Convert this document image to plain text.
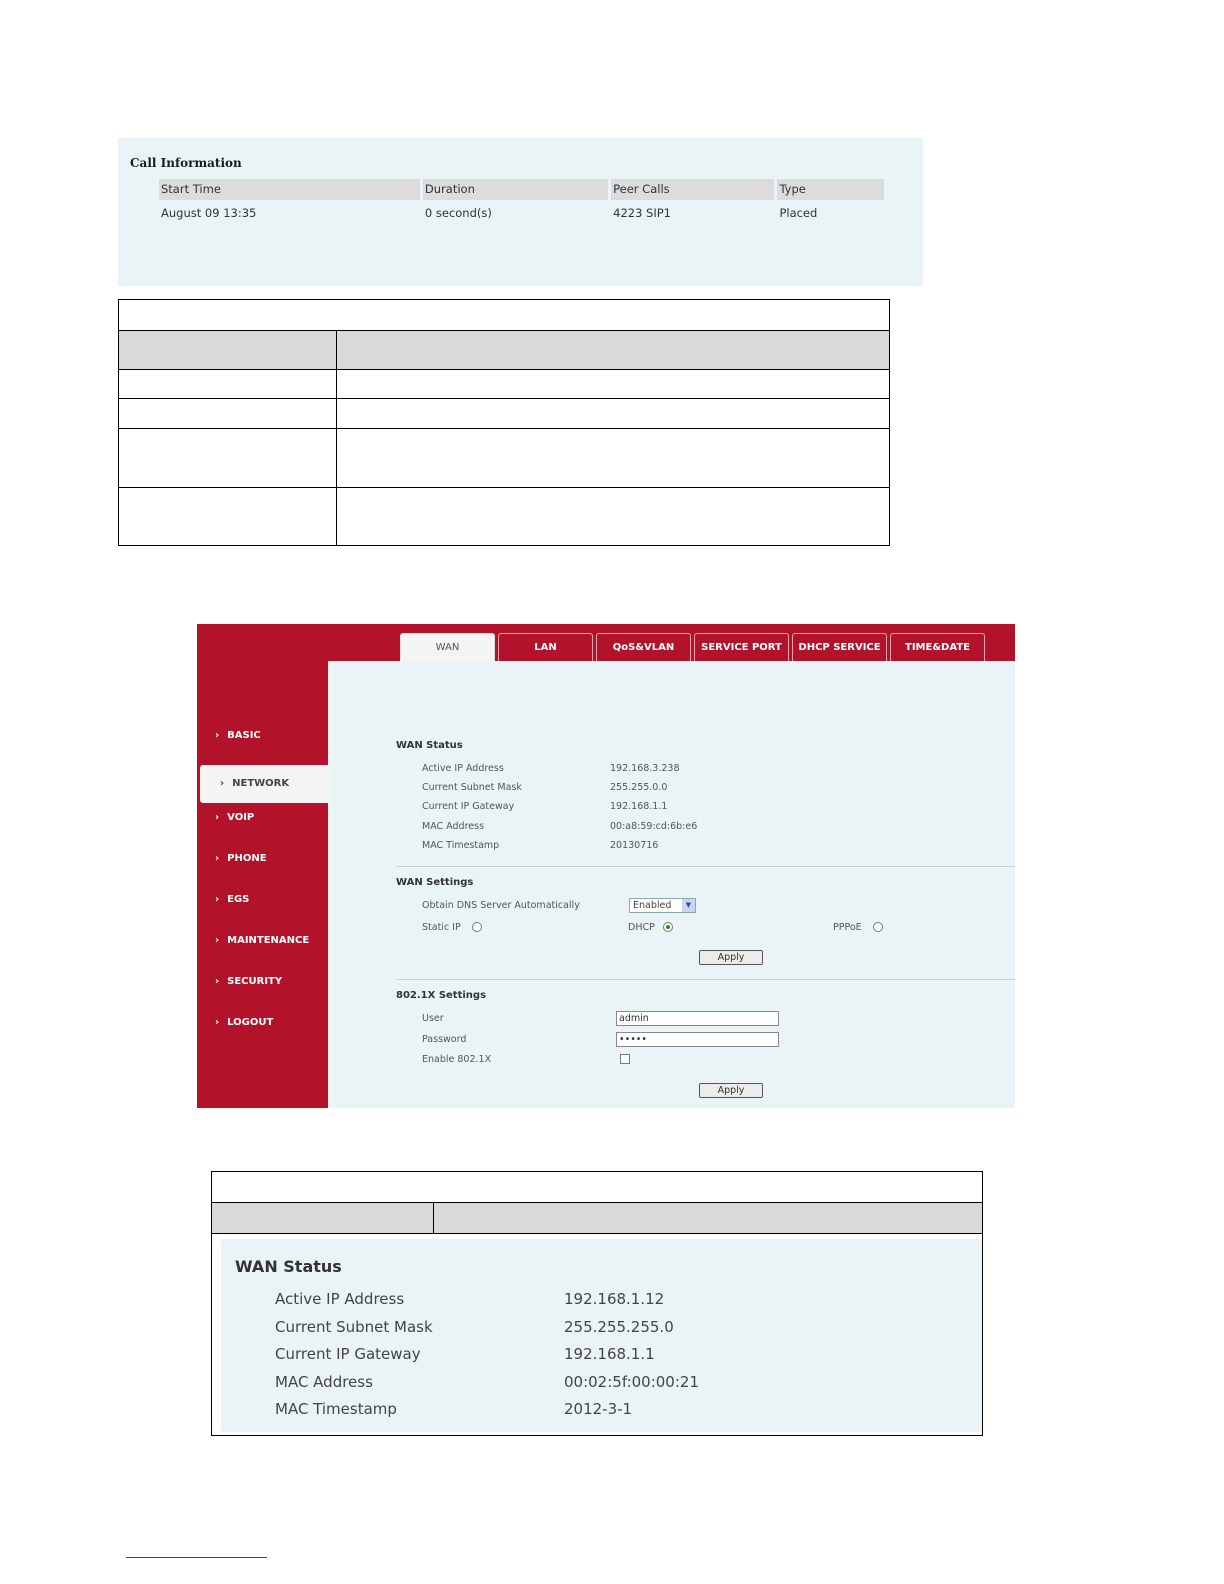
Call Information
Start Time	Duration	Peer Calls	Type
August 09 13:35	0 second(s)	4223 SIP1	Placed
WAN	LAN	QoS&VLAN	SERVICE PORT	DHCP SERVICE	TIME&DATE
› BASIC
› NETWORK
› VOIP
› PHONE
› EGS
› MAINTENANCE
› SECURITY
› LOGOUT
WAN Status
Active IP Address	192.168.3.238
Current Subnet Mask	255.255.0.0
Current IP Gateway	192.168.1.1
MAC Address	00:a8:59:cd:6b:e6
MAC Timestamp	20130716
WAN Settings
Obtain DNS Server Automatically	Enabled	▼
Static IP	DHCP	PPPoE
Apply
802.1X Settings
User	admin
Password	•••••
Enable 802.1X
Apply
WAN Status
Active IP Address	192.168.1.12
Current Subnet Mask	255.255.255.0
Current IP Gateway	192.168.1.1
MAC Address	00:02:5f:00:00:21
MAC Timestamp	2012-3-1
